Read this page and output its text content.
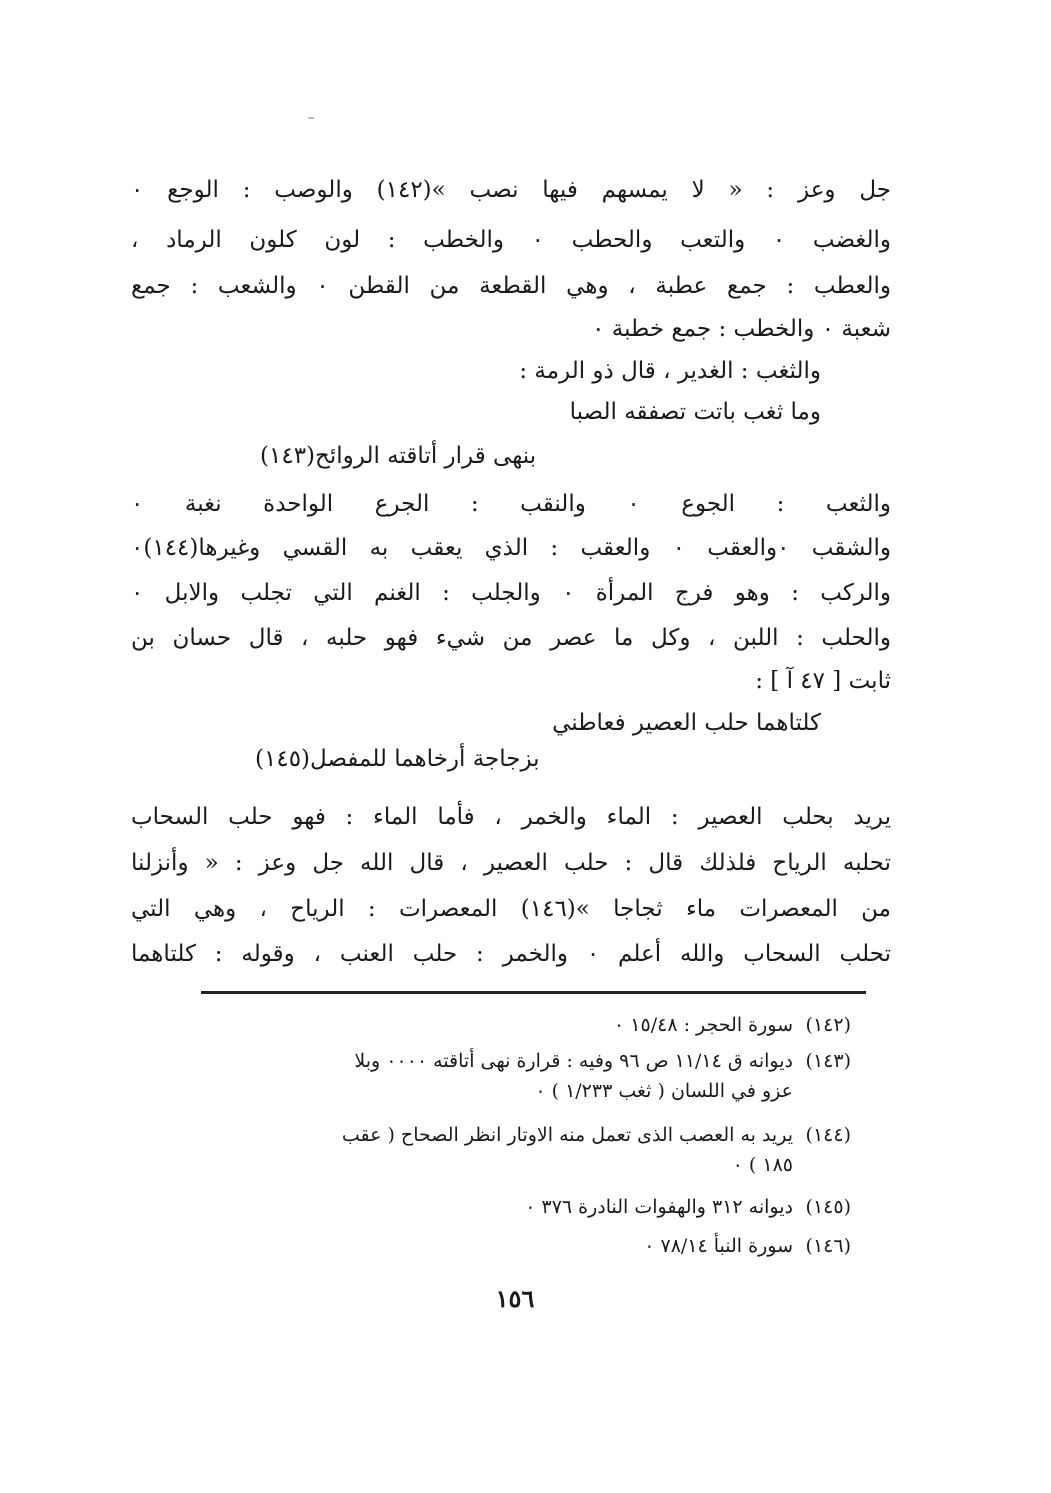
جل وعز : « لا يمسهم فيها نصب »(١٤٢) والوصب : الوجع ٠
والغضب ٠ والتعب والحطب ٠ والخطب : لون كلون الرماد ،
والعطب : جمع عطبة ، وهي القطعة من القطن ٠ والشعب : جمع
شعبة ٠ والخطب : جمع خطبة ٠
والثغب : الغدير ، قال ذو الرمة :
وما ثغب باتت تصفقه الصبا
بنهى قرار أتاقته الروائح(١٤٣)
والثعب : الجوع ٠ والنقب : الجرع الواحدة نغبة ٠
والشقب ٠والعقب ٠ والعقب : الذي يعقب به القسي وغيرها(١٤٤)٠
والركب : وهو فرج المرأة ٠ والجلب : الغنم التي تجلب والابل ٠
والحلب : اللبن ، وكل ما عصر من شيء فهو حلبه ، قال حسان بن
ثابت [ ٤٧ آ ] :
كلتاهما حلب العصير فعاطني
بزجاجة أرخاهما للمفصل(١٤٥)
يريد بحلب العصير : الماء والخمر ، فأما الماء : فهو حلب السحاب
تحلبه الرياح فلذلك قال : حلب العصير ، قال الله جل وعز : « وأنزلنا
من المعصرات ماء ثجاجا »(١٤٦) المعصرات : الرياح ، وهي التي
تحلب السحاب والله أعلم ٠ والخمر : حلب العنب ، وقوله : كلتاهما
(١٤٢)سورة الحجر : ١٥/٤٨ ٠
(١٤٣)ديوانه ق ١١/١٤ ص ٩٦ وفيه : قرارة نهى أتاقته ٠٠٠٠ وبلا
عزو في اللسان ( ثغب ١/٢٣٣ ) ٠
(١٤٤)يريد به العصب الذى تعمل منه الاوتار انظر الصحاح ( عقب
١٨٥ ) ٠
(١٤٥)ديوانه ٣١٢ والهفوات النادرة ٣٧٦ ٠
(١٤٦)سورة النبأ ٧٨/١٤ ٠
١٥٦
